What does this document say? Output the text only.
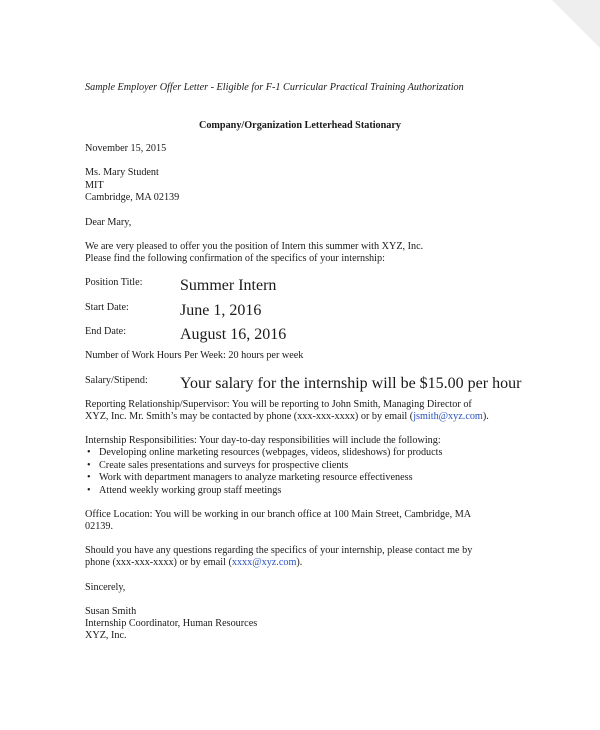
Sample Employer Offer Letter - Eligible for F-1 Curricular Practical Training Authorization
Company/Organization Letterhead Stationary
November 15, 2015
Ms. Mary Student
MIT
Cambridge, MA 02139
Dear Mary,
We are very pleased to offer you the position of Intern this summer with XYZ, Inc.
Please find the following confirmation of the specifics of your internship:
Position Title: Summer Intern
Start Date:	June 1, 2016
End Date:	August 16, 2016
Number of Work Hours Per Week: 20 hours per week
Salary/Stipend: Your salary for the internship will be $15.00 per hour
Reporting Relationship/Supervisor: You will be reporting to John Smith, Managing Director of
XYZ, Inc. Mr. Smith’s may be contacted by phone (xxx-xxx-xxxx) or by email (jsmith@xyz.com).
Internship Responsibilities: Your day-to-day responsibilities will include the following:
• Developing online marketing resources (webpages, videos, slideshows) for products
• Create sales presentations and surveys for prospective clients
• Work with department managers to analyze marketing resource effectiveness
• Attend weekly working group staff meetings
Office Location: You will be working in our branch office at 100 Main Street, Cambridge, MA
02139.
Should you have any questions regarding the specifics of your internship, please contact me by
phone (xxx-xxx-xxxx) or by email (xxxx@xyz.com).
Sincerely,
Susan Smith
Internship Coordinator, Human Resources
XYZ, Inc.
